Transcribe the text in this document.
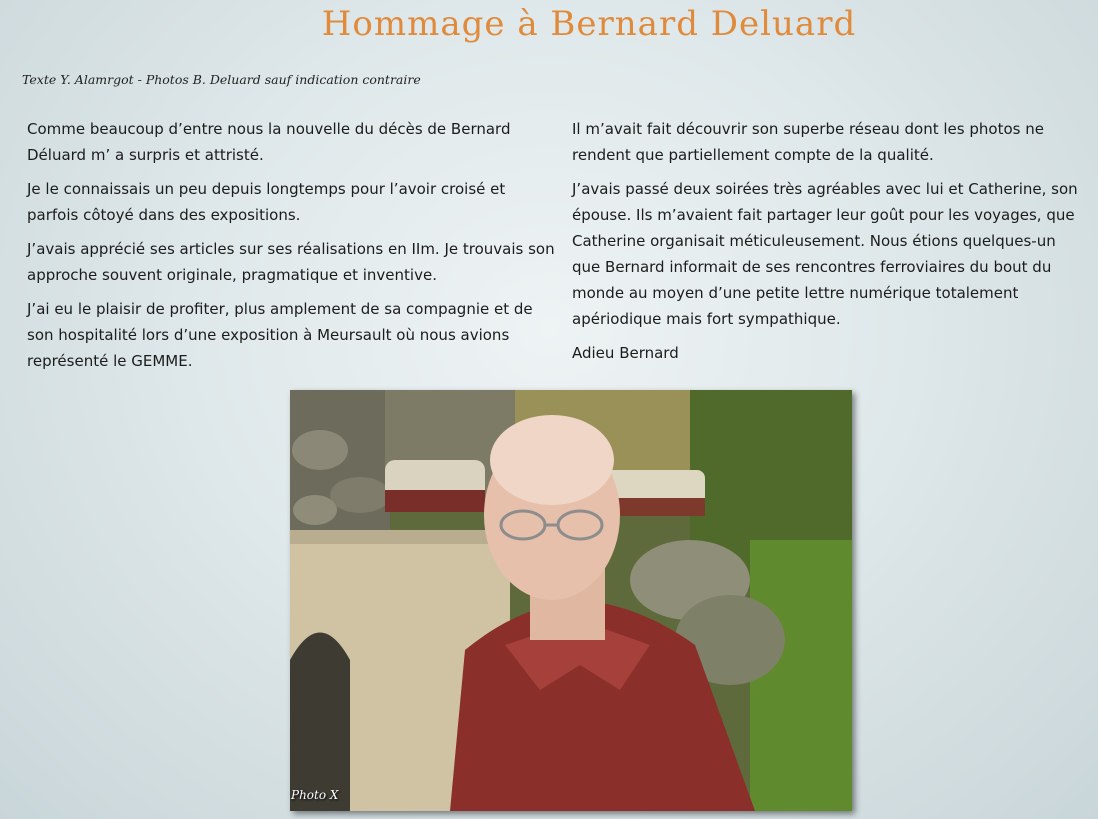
Hommage à Bernard Deluard
Texte Y. Alamrgot - Photos B. Deluard sauf indication contraire

Comme beaucoup d’entre nous la nouvelle du décès de Bernard Déluard m’ a surpris et attristé.

Je le connaissais un peu depuis longtemps pour l’avoir croisé et parfois côtoyé dans des expositions.

J’avais apprécié ses articles sur ses réalisations en IIm. Je trouvais son approche souvent originale, pragmatique et inventive.

J’ai eu le plaisir de profiter, plus amplement de sa compagnie et de son hospitalité lors d’une exposition à Meursault où nous avions représenté le GEMME.

Il m’avait fait découvrir son superbe réseau dont les photos ne rendent que partiellement compte de la qualité.

J’avais passé deux soirées très agréables avec lui et Catherine, son épouse. Ils m’avaient fait partager leur goût pour les voyages, que Catherine organisait méticuleusement. Nous étions quelques-un que Bernard informait de ses rencontres ferroviaires du bout du monde au moyen d’une petite lettre numérique totalement apériodique mais fort sympathique.

Adieu Bernard

Photo X
